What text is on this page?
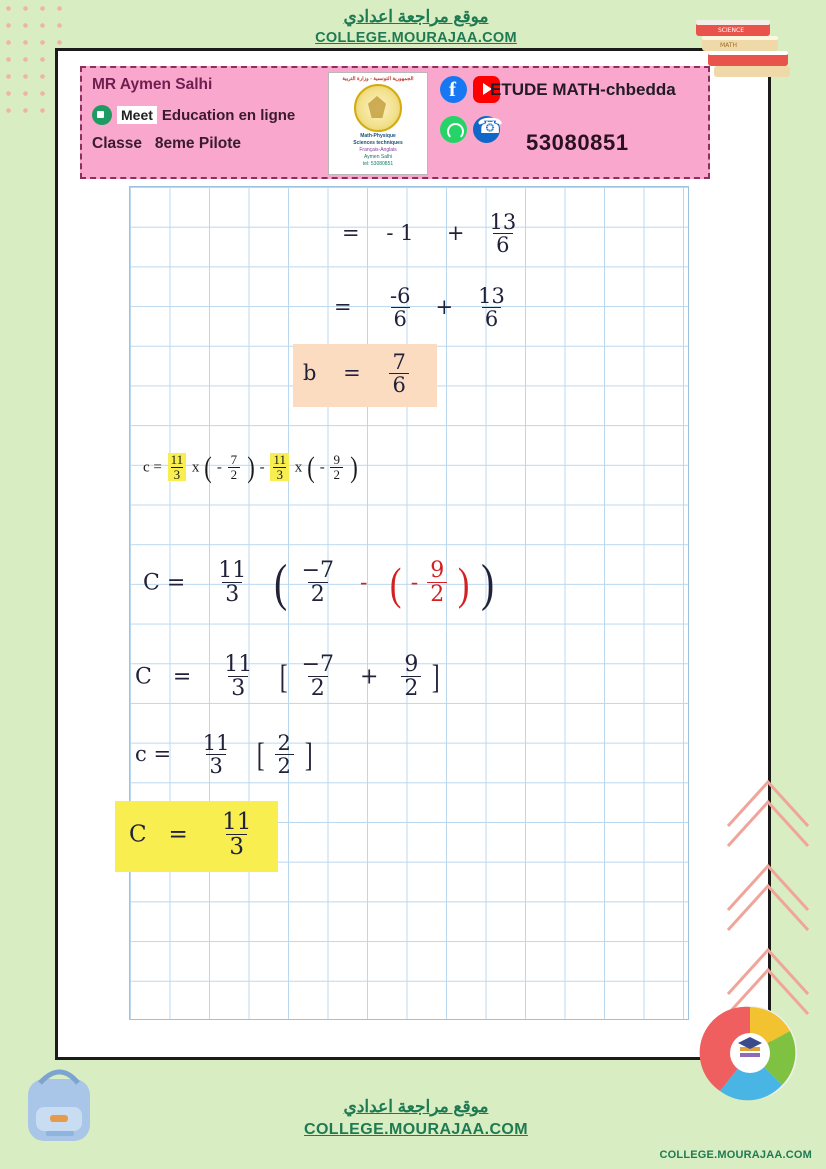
موقع مراجعة اعدادي
COLLEGE.MOURAJAA.COM	SCIENCE
MATH
MR Aymen Salhi
Meet Education en ligne
Classe 8eme Pilote
الجمهورية التونسية - وزارة التربية
Math-Physique
Sciences techniques
Français-Anglais
Aymen Salhi
tel: 53080851
f
☎
ETUDE MATH-chbedda
53080851
= - $1 + \frac{13}{6}$
= $\frac{-6}{6} + \frac{13}{6}$
$b = \frac{7}{6}$
$c = \frac{11}{3}$ x ( - $\frac{7}{2}$ ) - $\frac{11}{3}$ x ( - $\frac{9}{2}$ )
$C = \frac{11}{3}$ ( $\frac{-7}{2}$ - ( - $\frac{9}{2}$ ) )
$C = \frac{11}{3}$ [ $\frac{-7}{2} + \frac{9}{2}$ ]
$c = \frac{11}{3}$ [ $\frac{2}{2}$ ]
$C = \frac{11}{3}$
موقع مراجعة اعدادي
COLLEGE.MOURAJAA.COM
COLLEGE.MOURAJAA.COM
